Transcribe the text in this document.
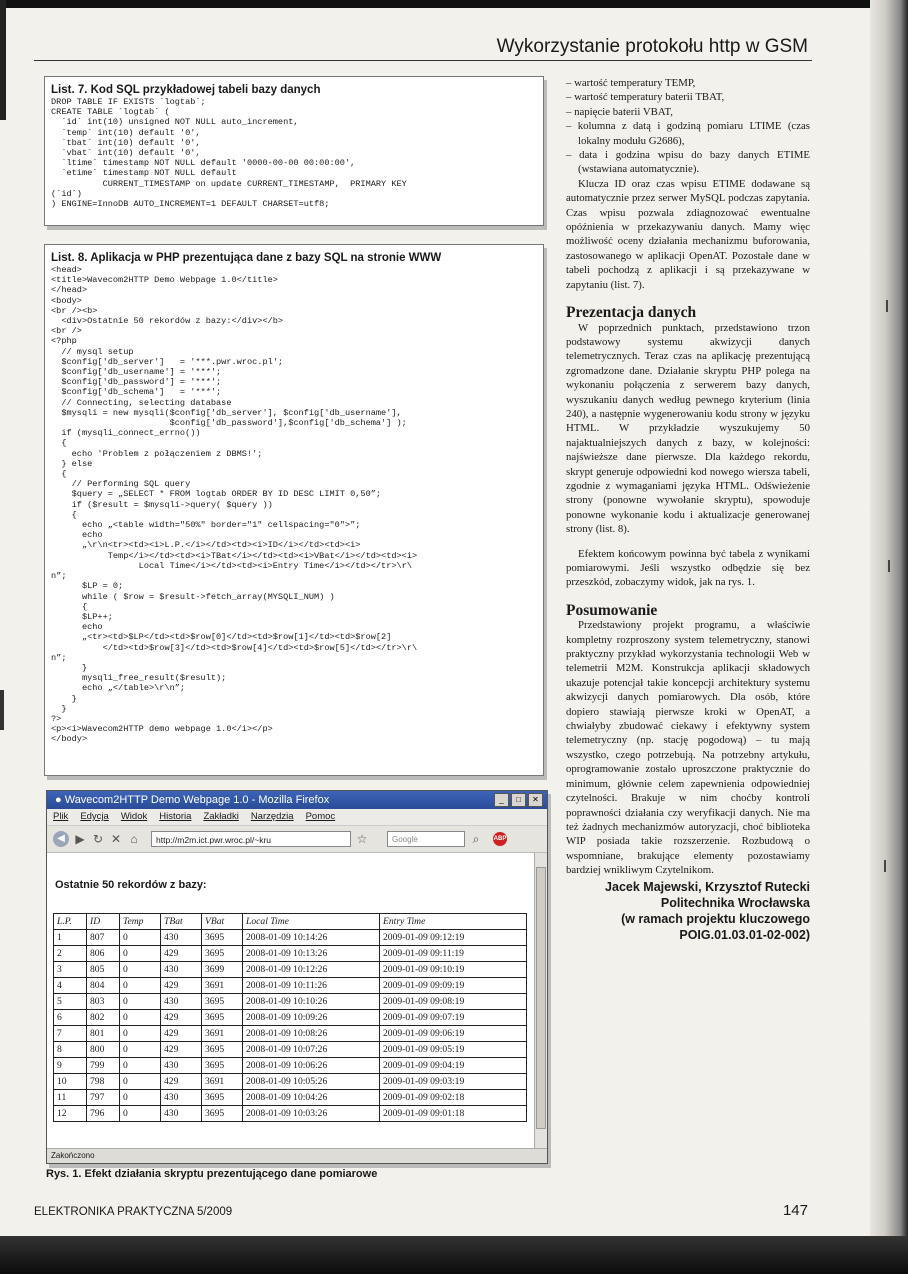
Wykorzystanie protokołu http w GSM
List. 7. Kod SQL przykładowej tabeli bazy danych
DROP TABLE IF EXISTS `logtab`;
CREATE TABLE `logtab` (
`id` int(10) unsigned NOT NULL auto_increment,
`temp` int(10) default '0',
`tbat` int(10) default '0',
`vbat` int(10) default '0',
`ltime` timestamp NOT NULL default '0000-00-00 00:00:00',
`etime` timestamp NOT NULL default
CURRENT_TIMESTAMP on update CURRENT_TIMESTAMP,  PRIMARY KEY
(`id`)
) ENGINE=InnoDB AUTO_INCREMENT=1 DEFAULT CHARSET=utf8;
List. 8. Aplikacja w PHP prezentująca dane z bazy SQL na stronie WWW
<head>
<title>Wavecom2HTTP Demo Webpage 1.0</title>
</head>
<body>
<br /><b>
<div>Ostatnie 50 rekordów z bazy:</div></b>
<br />
<?php
// mysql setup
$config['db_server']   = '***.pwr.wroc.pl';
$config['db_username'] = '***';
$config['db_password'] = '***';
$config['db_schema']   = '***';
// Connecting, selecting database
$mysqli = new mysqli($config['db_server'], $config['db_username'],
$config['db_password'],$config['db_schema'] );
if (mysqli_connect_errno())
{
echo 'Problem z połączeniem z DBMS!';
} else
{
// Performing SQL query
$query = „SELECT * FROM logtab ORDER BY ID DESC LIMIT 0,50”;
if ($result = $mysqli->query( $query ))
{
echo „<table width="50%" border="1" cellspacing="0">”;
echo
„\r\n<tr><td><i>L.P.</i></td><td><i>ID</i></td><td><i>
Temp</i></td><td><i>TBat</i></td><td><i>VBat</i></td><td><i>
Local Time</i></td><td><i>Entry Time</i></td></tr>\r\
n”;
$LP = 0;
while ( $row = $result->fetch_array(MYSQLI_NUM) )
{
$LP++;
echo
„<tr><td>$LP</td><td>$row[0]</td><td>$row[1]</td><td>$row[2]
</td><td>$row[3]</td><td>$row[4]</td><td>$row[5]</td></tr>\r\
n”;
}
mysqli_free_result($result);
echo „</table>\r\n”;
}
}
?>
<p><i>Wavecom2HTTP demo webpage 1.0</i></p>
</body>
● Wavecom2HTTP Demo Webpage 1.0 - Mozilla Firefox	_	□	✕
Plik Edycja Widok Historia Zakładki Narzędzia Pomoc
◀ ▶ ↻ ✕ ⌂	http://m2m.ict.pwr.wroc.pl/~kru	☆	Google	⌕	ABP
Ostatnie 50 rekordów z bazy:
L.P.	ID	Temp	TBat	VBat	Local Time	Entry Time
1	807	0	430	3695	2008-01-09 10:14:26	2009-01-09 09:12:19
2	806	0	429	3695	2008-01-09 10:13:26	2009-01-09 09:11:19
3	805	0	430	3699	2008-01-09 10:12:26	2009-01-09 09:10:19
4	804	0	429	3691	2008-01-09 10:11:26	2009-01-09 09:09:19
5	803	0	430	3695	2008-01-09 10:10:26	2009-01-09 09:08:19
6	802	0	429	3695	2008-01-09 10:09:26	2009-01-09 09:07:19
7	801	0	429	3691	2008-01-09 10:08:26	2009-01-09 09:06:19
8	800	0	429	3695	2008-01-09 10:07:26	2009-01-09 09:05:19
9	799	0	430	3695	2008-01-09 10:06:26	2009-01-09 09:04:19
10	798	0	429	3691	2008-01-09 10:05:26	2009-01-09 09:03:19
11	797	0	430	3695	2008-01-09 10:04:26	2009-01-09 09:02:18
12	796	0	430	3695	2008-01-09 10:03:26	2009-01-09 09:01:18
Zakończono
Rys. 1. Efekt działania skryptu prezentującego dane pomiarowe
– wartość temperatury TEMP,
– wartość temperatury baterii TBAT,
– napięcie baterii VBAT,
– kolumna z datą i godziną pomiaru LTIME (czas lokalny modułu G2686),
– data i godzina wpisu do bazy danych ETIME (wstawiana automatycznie).
Klucza ID oraz czas wpisu ETIME dodawane są automatycznie przez serwer MySQL podczas zapytania. Czas wpisu pozwala zdiagnozować ewentualne opóźnienia w przekazywaniu danych. Mamy więc możliwość oceny działania mechanizmu buforowania, zastosowanego w aplikacji OpenAT. Pozostałe dane w tabeli pochodzą z aplikacji i są przekazywane w zapytaniu (list. 7).
Prezentacja danych
W poprzednich punktach, przedstawiono trzon podstawowy systemu akwizycji danych telemetrycznych. Teraz czas na aplikację prezentującą zgromadzone dane. Działanie skryptu PHP polega na wykonaniu połączenia z serwerem bazy danych, wyszukaniu danych według pewnego kryterium (linia 240), a następnie wygenerowaniu kodu strony w języku HTML. W przykładzie wyszukujemy 50 najaktualniejszych danych z bazy, w kolejności: najświeższe dane pierwsze. Dla każdego rekordu, skrypt generuje odpowiedni kod nowego wiersza tabeli, zgodnie z wymaganiami języka HTML. Odświeżenie strony (ponowne wywołanie skryptu), spowoduje ponowne wykonanie kodu i aktualizacje generowanej strony (list. 8).
Efektem końcowym powinna być tabela z wynikami pomiarowymi. Jeśli wszystko odbędzie się bez przeszkód, zobaczymy widok, jak na rys. 1.
Posumowanie
Przedstawiony projekt programu, a właściwie kompletny rozproszony system telemetryczny, stanowi praktyczny przykład wykorzystania technologii Web w telemetrii M2M. Konstrukcja aplikacji składowych ukazuje potencjał takie koncepcji architektury systemu akwizycji danych pomiarowych. Dla osób, które dopiero stawiają pierwsze kroki w OpenAT, a chwiałyby zbudować ciekawy i efektywny system telemetryczny (np. stację pogodową) – tu mają wszystko, czego potrzebują. Na potrzebny artykułu, oprogramowanie zostało uproszczone praktycznie do minimum, głównie celem zapewnienia odpowiedniej czytelności. Brakuje w nim choćby kontroli poprawności działania czy weryfikacji danych. Nie ma też żadnych mechanizmów autoryzacji, choć biblioteka WIP posiada takie rozszerzenie. Rozbudową o wspomniane, brakujące elementy pozostawiamy bardziej wnikliwym Czytelnikom.
Jacek Majewski, Krzysztof Rutecki
Politechnika Wrocławska
(w ramach projektu kluczowego
POIG.01.03.01-02-002)
ELEKTRONIKA PRAKTYCZNA 5/2009	147
